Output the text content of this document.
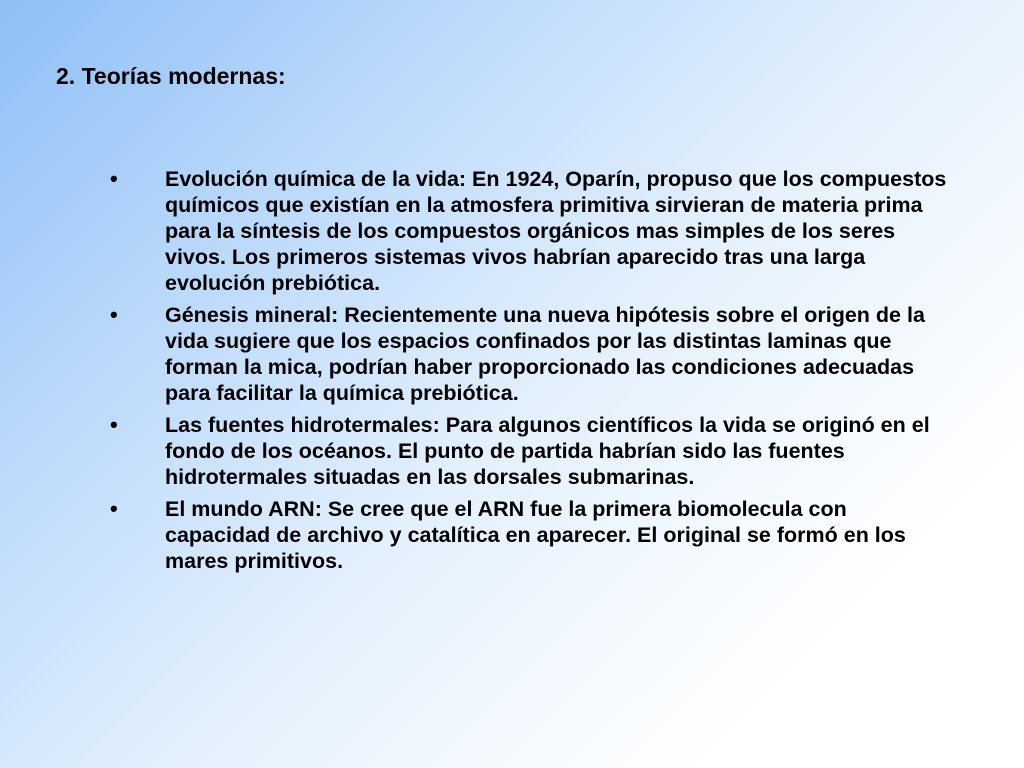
2. Teorías modernas:
• Evolución química de la vida: En 1924, Oparín, propuso que los compuestos químicos que existían en la atmosfera primitiva sirvieran de materia prima para la síntesis de los compuestos orgánicos mas simples de los seres vivos. Los primeros sistemas vivos habrían aparecido tras una larga evolución prebiótica.
• Génesis mineral: Recientemente una nueva hipótesis sobre el origen de la vida sugiere que los espacios confinados por las distintas laminas que forman la mica, podrían haber proporcionado las condiciones adecuadas para facilitar la química prebiótica.
• Las fuentes hidrotermales: Para algunos científicos la vida se originó en el fondo de los océanos. El punto de partida habrían sido las fuentes hidrotermales situadas en las dorsales submarinas.
• El mundo ARN: Se cree que el ARN fue la primera biomolecula con capacidad de archivo y catalítica en aparecer. El original se formó en los mares primitivos.
